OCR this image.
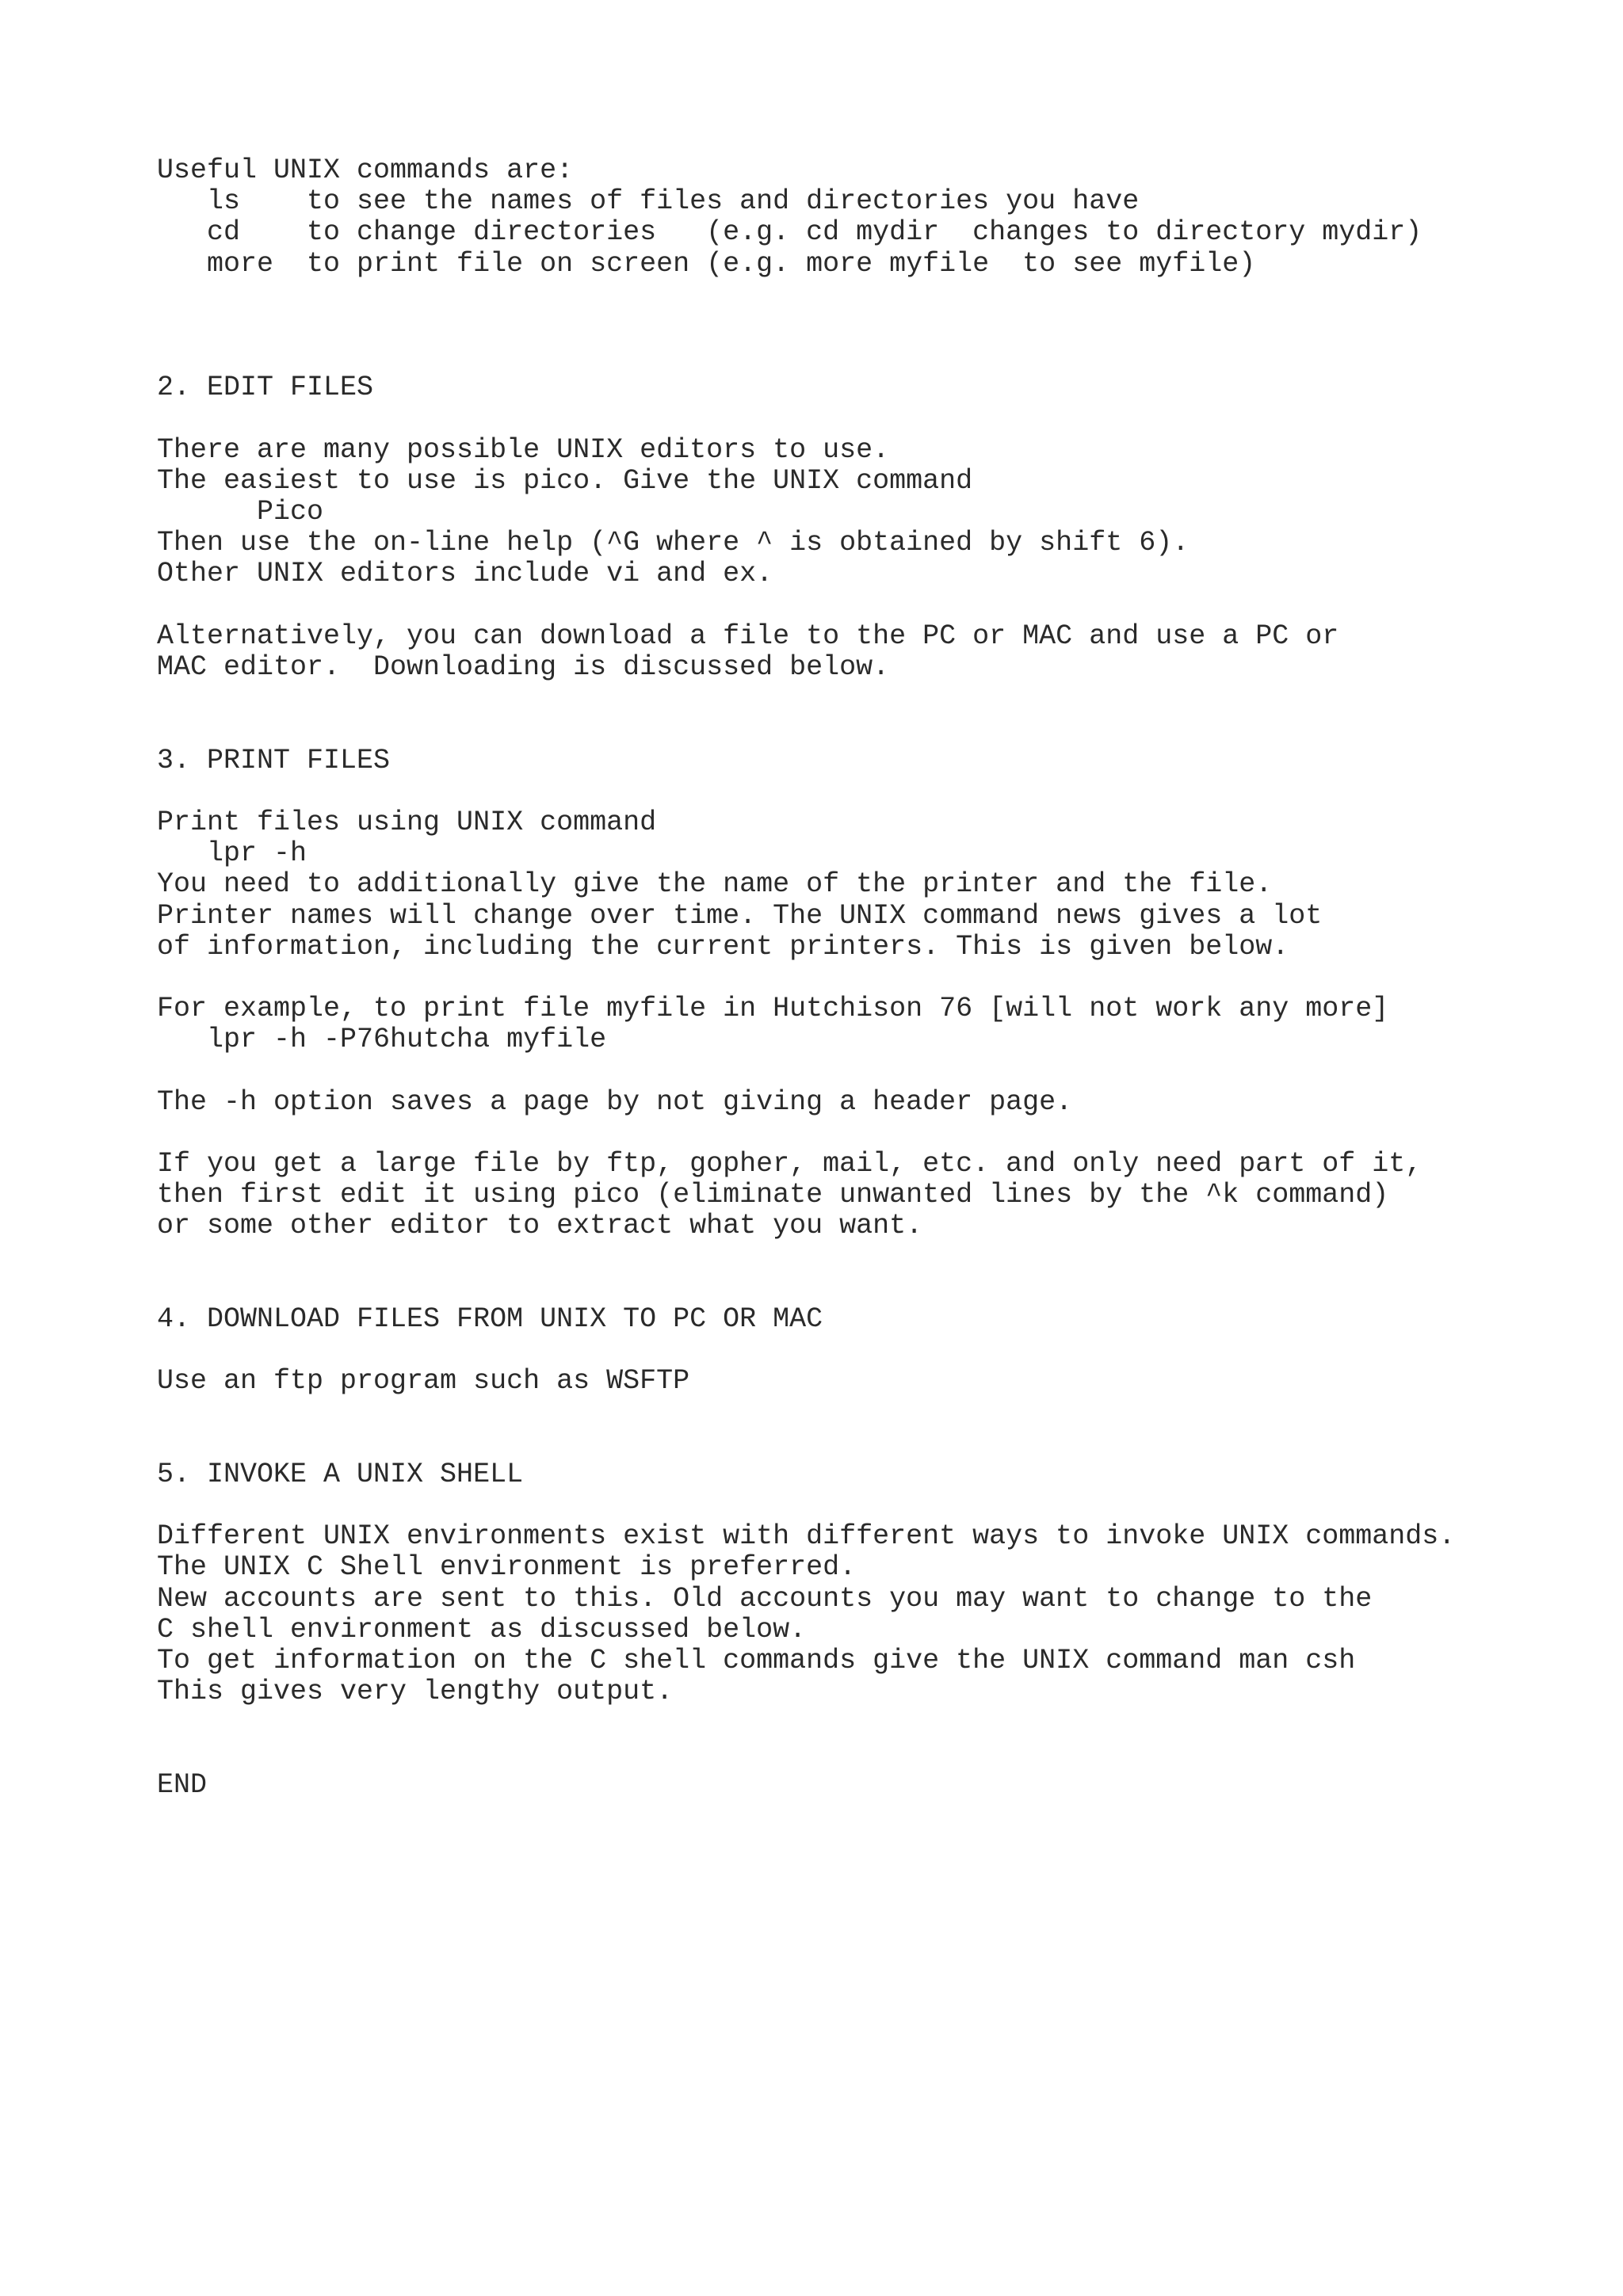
Useful UNIX commands are:
ls    to see the names of files and directories you have
cd    to change directories   (e.g. cd mydir  changes to directory mydir)
more  to print file on screen (e.g. more myfile  to see myfile)
2. EDIT FILES
There are many possible UNIX editors to use.
The easiest to use is pico. Give the UNIX command
Pico
Then use the on-line help (^G where ^ is obtained by shift 6).
Other UNIX editors include vi and ex.
Alternatively, you can download a file to the PC or MAC and use a PC or
MAC editor.  Downloading is discussed below.
3. PRINT FILES
Print files using UNIX command
lpr -h
You need to additionally give the name of the printer and the file.
Printer names will change over time. The UNIX command news gives a lot
of information, including the current printers. This is given below.
For example, to print file myfile in Hutchison 76 [will not work any more]
lpr -h -P76hutcha myfile
The -h option saves a page by not giving a header page.
If you get a large file by ftp, gopher, mail, etc. and only need part of it,
then first edit it using pico (eliminate unwanted lines by the ^k command)
or some other editor to extract what you want.
4. DOWNLOAD FILES FROM UNIX TO PC OR MAC
Use an ftp program such as WSFTP
5. INVOKE A UNIX SHELL
Different UNIX environments exist with different ways to invoke UNIX commands.
The UNIX C Shell environment is preferred.
New accounts are sent to this. Old accounts you may want to change to the
C shell environment as discussed below.
To get information on the C shell commands give the UNIX command man csh
This gives very lengthy output.
END
